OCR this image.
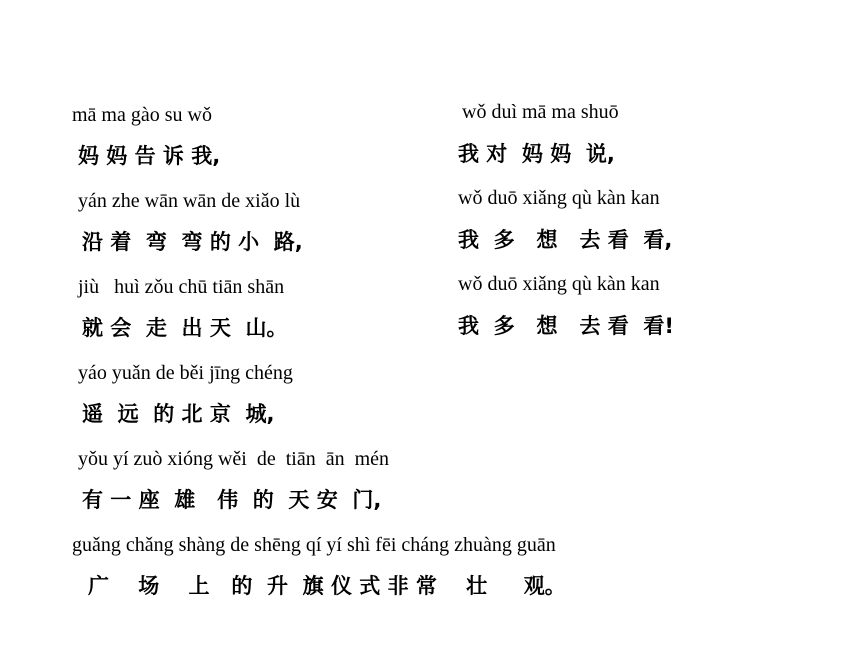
mā ma gào su wǒ

妈 妈 告 诉 我,

yán zhe wān wān de xiǎo lù

沿 着  弯  弯 的 小  路,

jiù   huì zǒu chū tiān shān

就 会  走  出 天  山。

yáo yuǎn de běi jīng chéng

遥  远  的 北 京  城,

yǒu yí zuò xióng wěi  de  tiān  ān  mén

有 一 座  雄   伟  的  天 安  门,

guǎng chǎng shàng de shēng qí yí shì fēi cháng zhuàng guān

广    场    上   的  升  旗 仪 式 非 常    壮     观。

wǒ duì mā ma shuō

我 对  妈 妈  说,

wǒ duō xiǎng qù kàn kan

我  多   想   去 看  看,

wǒ duō xiǎng qù kàn kan

我  多   想   去 看  看!
